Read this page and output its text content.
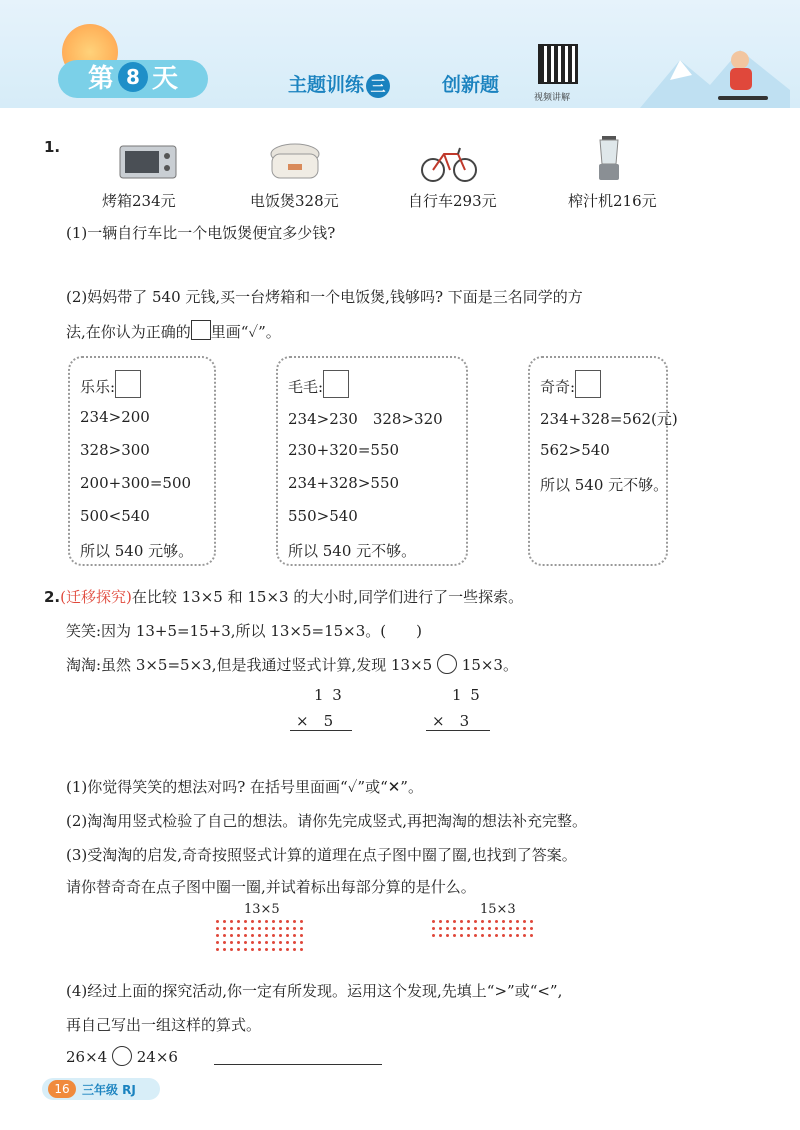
第 8 天	主题训练 三	创新题
视频讲解
1.
烤箱234元	电饭煲328元	自行车293元	榨汁机216元
(1)一辆自行车比一个电饭煲便宜多少钱?
(2)妈妈带了 540 元钱,买一台烤箱和一个电饭煲,钱够吗? 下面是三名同学的方
法,在你认为正确的 里画“✓”。
乐乐:
234>200
328>300
200+300=500
500<540
所以 540 元够。
毛毛:
234>230　328>320
230+320=550
234+328>550
550>540
所以 540 元不够。
奇奇:
234+328=562(元)
562>540
所以 540 元不够。
2.(迁移探究)在比较 13×5 和 15×3 的大小时,同学们进行了一些探索。
笑笑:因为 13+5=15+3,所以 13×5=15×3。(　　)
淘淘:虽然 3×5=5×3,但是我通过竖式计算,发现 13×5 15×3。
1 3
×　5
1 5
×　3
(1)你觉得笑笑的想法对吗? 在括号里面画“✓”或“✕”。
(2)淘淘用竖式检验了自己的想法。请你先完成竖式,再把淘淘的想法补充完整。
(3)受淘淘的启发,奇奇按照竖式计算的道理在点子图中圈了圈,也找到了答案。
请你替奇奇在点子图中圈一圈,并试着标出每部分算的是什么。
13×5	15×3
(4)经过上面的探究活动,你一定有所发现。运用这个发现,先填上“>”或“<”,
再自己写出一组这样的算式。
26×4 24×6
16	三年级 RJ
